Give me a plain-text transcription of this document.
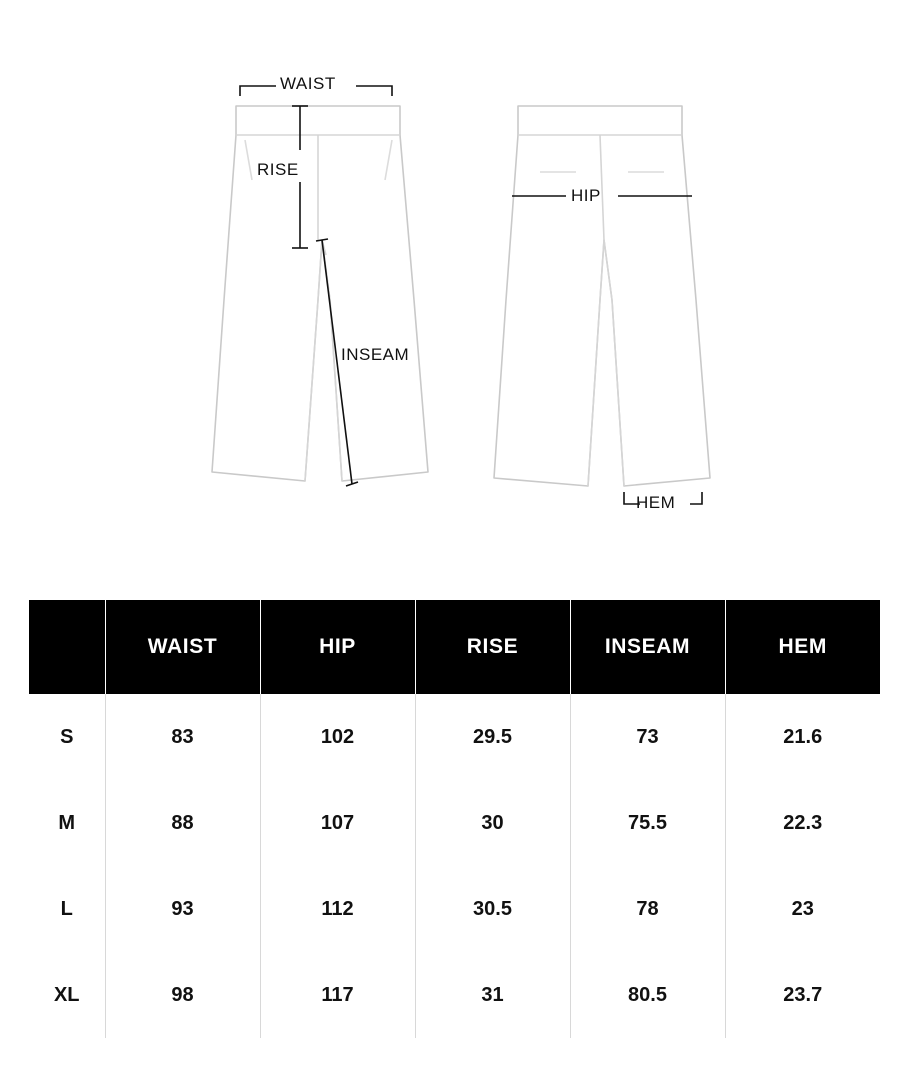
WAIST
RISE
INSEAM
HIP
HEM
	WAIST	HIP	RISE	INSEAM	HEM
S	83	102	29.5	73	21.6
M	88	107	30	75.5	22.3
L	93	112	30.5	78	23
XL	98	117	31	80.5	23.7
